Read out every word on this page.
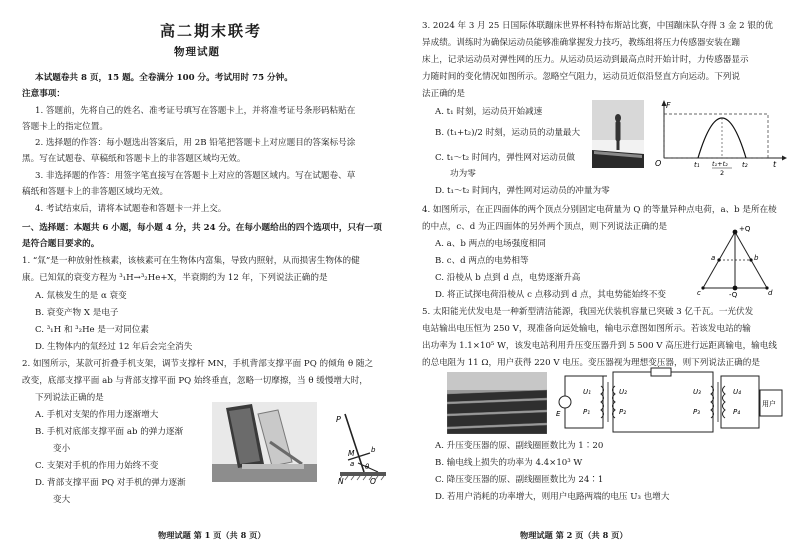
高二期末联考
物理试题
本试题卷共 8 页，15 题。全卷满分 100 分。考试用时 75 分钟。
注意事项：
1. 答题前，先将自己的姓名、准考证号填写在答题卡上，并将准考证号条形码粘贴在
答题卡上的指定位置。
2. 选择题的作答：每小题选出答案后，用 2B 铅笔把答题卡上对应题目的答案标号涂
黑。写在试题卷、草稿纸和答题卡上的非答题区域均无效。
3. 非选择题的作答：用签字笔直接写在答题卡上对应的答题区域内。写在试题卷、草
稿纸和答题卡上的非答题区域均无效。
4. 考试结束后，请将本试题卷和答题卡一并上交。
一、选择题：本题共 6 小题，每小题 4 分，共 24 分。在每小题给出的四个选项中，只有一项
是符合题目要求的。
1. “氚”是一种放射性核素，该核素可在生物体内富集，导致内照射，从而损害生物体的健
康。已知氚的衰变方程为 ³₁H→³₂He+X，半衰期约为 12 年，下列说法正确的是
A. 氚核发生的是 α 衰变
B. 衰变产物 X 是电子
C. ³₁H 和 ³₂He 是一对同位素
D. 生物体内的氚经过 12 年后会完全消失
2. 如图所示，某款可折叠手机支架，调节支撑杆 MN，手机背部支撑平面 PQ 的倾角 θ 随之
改变，底部支撑平面 ab 与背部支撑平面 PQ 始终垂直，忽略一切摩擦，当 θ 缓慢增大时，
下列说法正确的是
A. 手机对支架的作用力逐渐增大
B. 手机对底部支撑平面 ab 的弹力逐渐
变小
C. 支架对手机的作用力始终不变
D. 背部支撑平面 PQ 对手机的弹力逐渐
变大
P
M
a
b
θ
N	Q
物理试题 第 1 页（共 8 页）
3. 2024 年 3 月 25 日国际体联蹦床世界杯科特布斯站比赛，中国蹦床队夺得 3 金 2 银的优
异成绩。训练时为确保运动员能够准确掌握发力技巧，教练组将压力传感器安装在蹦
床上，记录运动员对弹性网的压力。从运动员运动到最高点时开始计时，力传感器显示
力随时间的变化情况如图所示。忽略空气阻力，运动员近似沿竖直方向运动。下列说
法正确的是
A. t₁ 时刻，运动员开始减速
B. (t₁+t₂)/2 时刻，运动员的动量最大
C. t₁～t₂ 时间内，弹性网对运动员做
功为零
D. t₁～t₂ 时间内，弹性网对运动员的冲量为零
F
O	t₁ t₁+t₂
2
t₂	t
4. 如图所示，在正四面体的两个顶点分别固定电荷量为 Q 的等量异种点电荷，a、b 是所在棱
的中点，c、d 为正四面体的另外两个顶点，则下列说法正确的是
A. a、b 两点的电场强度相同
B. c、d 两点的电势相等
C. 沿棱从 b 点到 d 点，电势逐渐升高
D. 将正试探电荷沿棱从 c 点移动到 d 点，其电势能始终不变
+Q
a	b
c	d
-Q
5. 太阳能光伏发电是一种新型清洁能源，我国光伏装机容量已突破 3 亿千瓦。一光伏发
电站输出电压恒为 250 V，现准备向远处输电，输电示意图如图所示。若该发电站的输
出功率为 1.1×10⁵ W，该发电站利用升压变压器升到 5 500 V 高压进行远距离输电，输电线
的总电阻为 11 Ω，用户获得 220 V 电压。变压器视为理想变压器，则下列说法正确的是
E
U₁
P₁
U₂
P₂
U₃
P₃
U₄
P₄
用户
A. 升压变压器的原、副线圈匝数比为 1∶20
B. 输电线上损失的功率为 4.4×10³ W
C. 降压变压器的原、副线圈匝数比为 24∶1
D. 若用户消耗的功率增大，则用户电路两端的电压 U₃ 也增大
物理试题 第 2 页（共 8 页）
